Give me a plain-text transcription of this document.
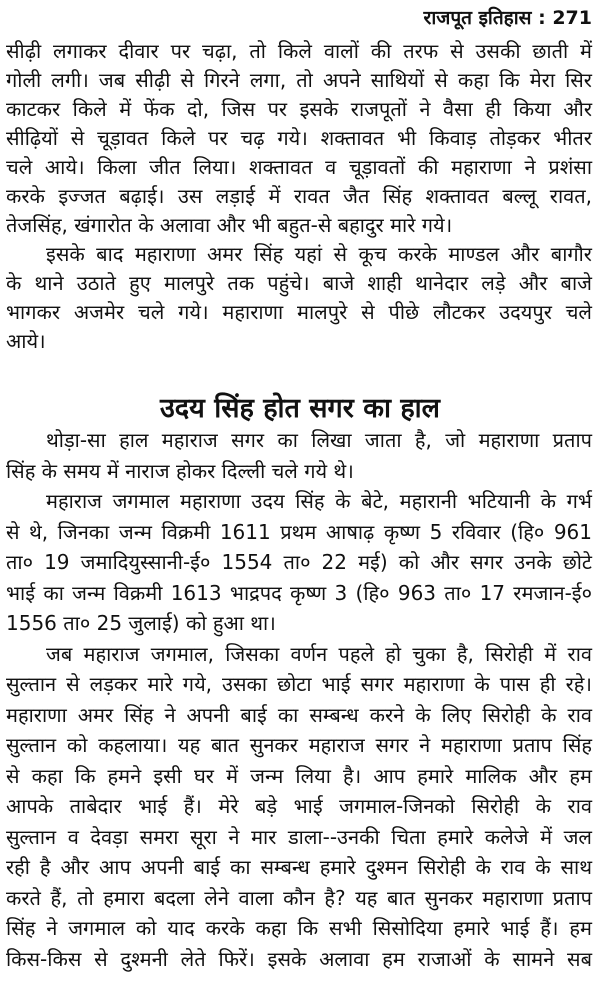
राजपूत इतिहास : 271
सीढ़ी लगाकर दीवार पर चढ़ा, तो किले वालों की तरफ से उसकी छाती में
गोली लगी। जब सीढ़ी से गिरने लगा, तो अपने साथियों से कहा कि मेरा सिर
काटकर किले में फेंक दो, जिस पर इसके राजपूतों ने वैसा ही किया और
सीढ़ियों से चूड़ावत किले पर चढ़ गये। शक्तावत भी किवाड़ तोड़कर भीतर
चले आये। किला जीत लिया। शक्तावत व चूड़ावतों की महाराणा ने प्रशंसा
करके इज्जत बढ़ाई। उस लड़ाई में रावत जैत सिंह शक्तावत बल्लू रावत,
तेजसिंह, खंगारोत के अलावा और भी बहुत-से बहादुर मारे गये।
इसके बाद महाराणा अमर सिंह यहां से कूच करके माण्डल और बागौर
के थाने उठाते हुए मालपुरे तक पहुंचे। बाजे शाही थानेदार लड़े और बाजे
भागकर अजमेर चले गये। महाराणा मालपुरे से पीछे लौटकर उदयपुर चले
आये।
उदय सिंह होत सगर का हाल
थोड़ा-सा हाल महाराज सगर का लिखा जाता है, जो महाराणा प्रताप
सिंह के समय में नाराज होकर दिल्ली चले गये थे।
महाराज जगमाल महाराणा उदय सिंह के बेटे, महारानी भटियानी के गर्भ
से थे, जिनका जन्म विक्रमी 1611 प्रथम आषाढ़ कृष्ण 5 रविवार (हि० 961
ता० 19 जमादियुस्सानी-ई० 1554 ता० 22 मई) को और सगर उनके छोटे
भाई का जन्म विक्रमी 1613 भाद्रपद कृष्ण 3 (हि० 963 ता० 17 रमजान-ई०
1556 ता० 25 जुलाई) को हुआ था।
जब महाराज जगमाल, जिसका वर्णन पहले हो चुका है, सिरोही में राव
सुल्तान से लड़कर मारे गये, उसका छोटा भाई सगर महाराणा के पास ही रहे।
महाराणा अमर सिंह ने अपनी बाई का सम्बन्ध करने के लिए सिरोही के राव
सुल्तान को कहलाया। यह बात सुनकर महाराज सगर ने महाराणा प्रताप सिंह
से कहा कि हमने इसी घर में जन्म लिया है। आप हमारे मालिक और हम
आपके ताबेदार भाई हैं। मेरे बड़े भाई जगमाल-जिनको सिरोही के राव
सुल्तान व देवड़ा समरा सूरा ने मार डाला--उनकी चिता हमारे कलेजे में जल
रही है और आप अपनी बाई का सम्बन्ध हमारे दुश्मन सिरोही के राव के साथ
करते हैं, तो हमारा बदला लेने वाला कौन है? यह बात सुनकर महाराणा प्रताप
सिंह ने जगमाल को याद करके कहा कि सभी सिसोदिया हमारे भाई हैं। हम
किस-किस से दुश्मनी लेते फिरें। इसके अलावा हम राजाओं के सामने सब
